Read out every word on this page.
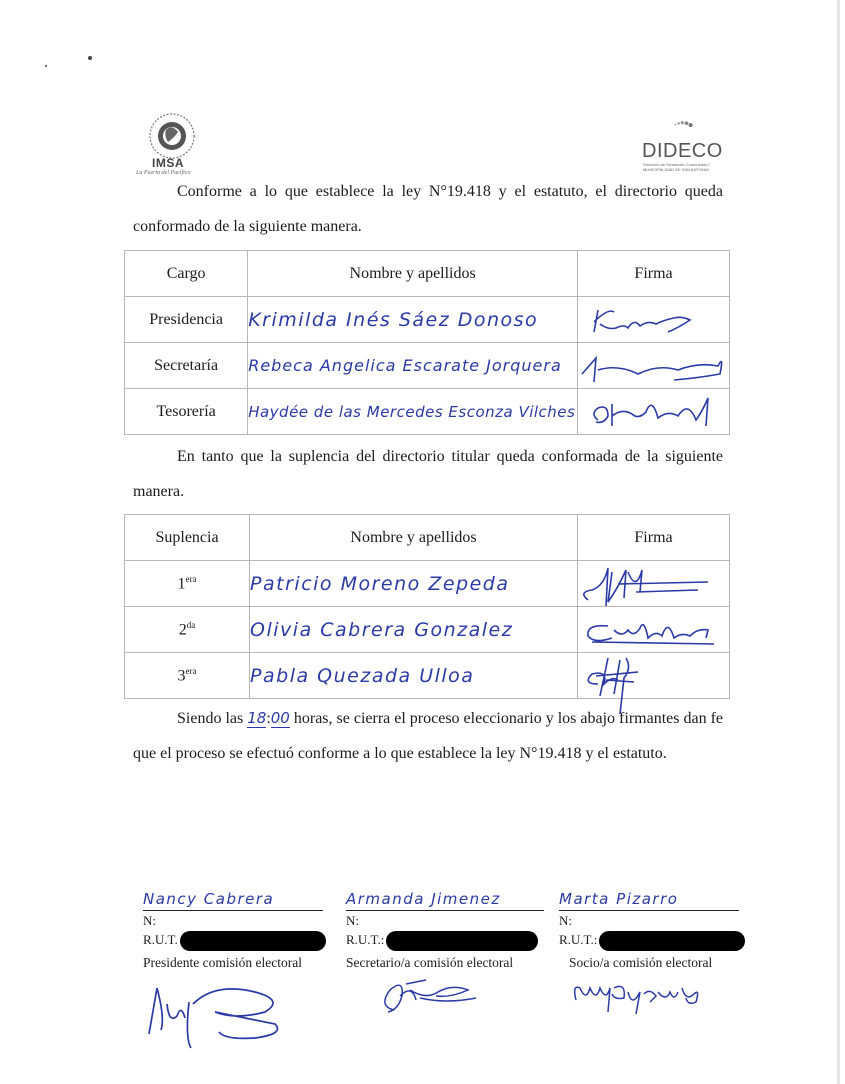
IMSA
La Puerta del Pacífico
DIDECO
Dirección de Desarrollo Comunitario I. MUNICIPALIDAD DE SAN ANTONIO
Conforme a lo que establece la ley N°19.418 y el estatuto, el directorio queda conformado de la siguiente manera.
Cargo	Nombre y apellidos	Firma
Presidencia	Krimilda Inés Sáez Donoso	

Secretaría	Rebeca Angelica Escarate Jorquera	

Tesorería	Haydée de las Mercedes Esconza Vilches	
En tanto que la suplencia del directorio titular queda conformada de la siguiente manera.
Suplencia	Nombre y apellidos	Firma
$1^{era}$	Patricio Moreno Zepeda	

$2^{da}$	Olivia Cabrera Gonzalez	

$3^{era}$	Pabla Quezada Ulloa	
Siendo las 18:00 horas, se cierra el proceso eleccionario y los abajo firmantes dan fe que el proceso se efectuó conforme a lo que establece la ley N°19.418 y el estatuto.
Nancy Cabrera
N:
R.U.T.
Presidente comisión electoral
Armanda Jimenez
N:
R.U.T.:
Secretario/a comisión electoral
Marta Pizarro
N:
R.U.T.:
Socio/a comisión electoral
